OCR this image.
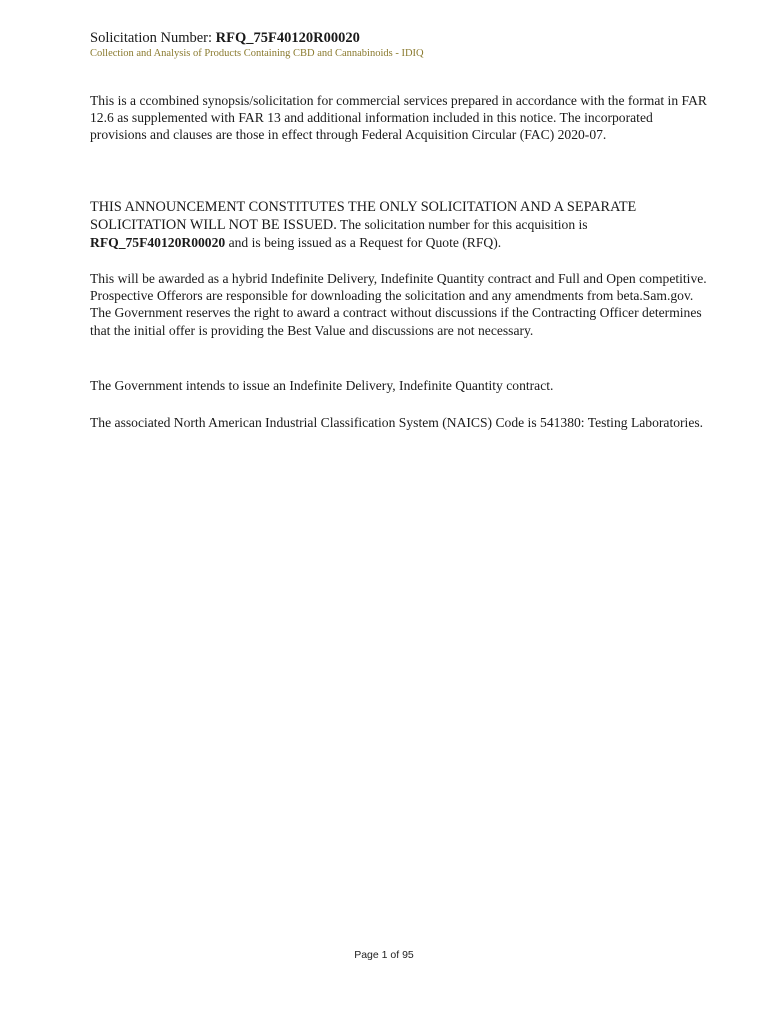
Solicitation Number: RFQ_75F40120R00020
Collection and Analysis of Products Containing CBD and Cannabinoids - IDIQ

This is a ccombined synopsis/solicitation for commercial services prepared in accordance with the format in FAR 12.6 as supplemented with FAR 13 and additional information included in this notice. The incorporated provisions and clauses are those in effect through Federal Acquisition Circular (FAC) 2020-07.

THIS ANNOUNCEMENT CONSTITUTES THE ONLY SOLICITATION AND A SEPARATE SOLICITATION WILL NOT BE ISSUED. The solicitation number for this acquisition is RFQ_75F40120R00020 and is being issued as a Request for Quote (RFQ).

This will be awarded as a hybrid Indefinite Delivery, Indefinite Quantity contract and Full and Open competitive. Prospective Offerors are responsible for downloading the solicitation and any amendments from beta.Sam.gov. The Government reserves the right to award a contract without discussions if the Contracting Officer determines that the initial offer is providing the Best Value and discussions are not necessary.

The Government intends to issue an Indefinite Delivery, Indefinite Quantity contract.

The associated North American Industrial Classification System (NAICS) Code is 541380: Testing Laboratories.

Page 1 of 95
